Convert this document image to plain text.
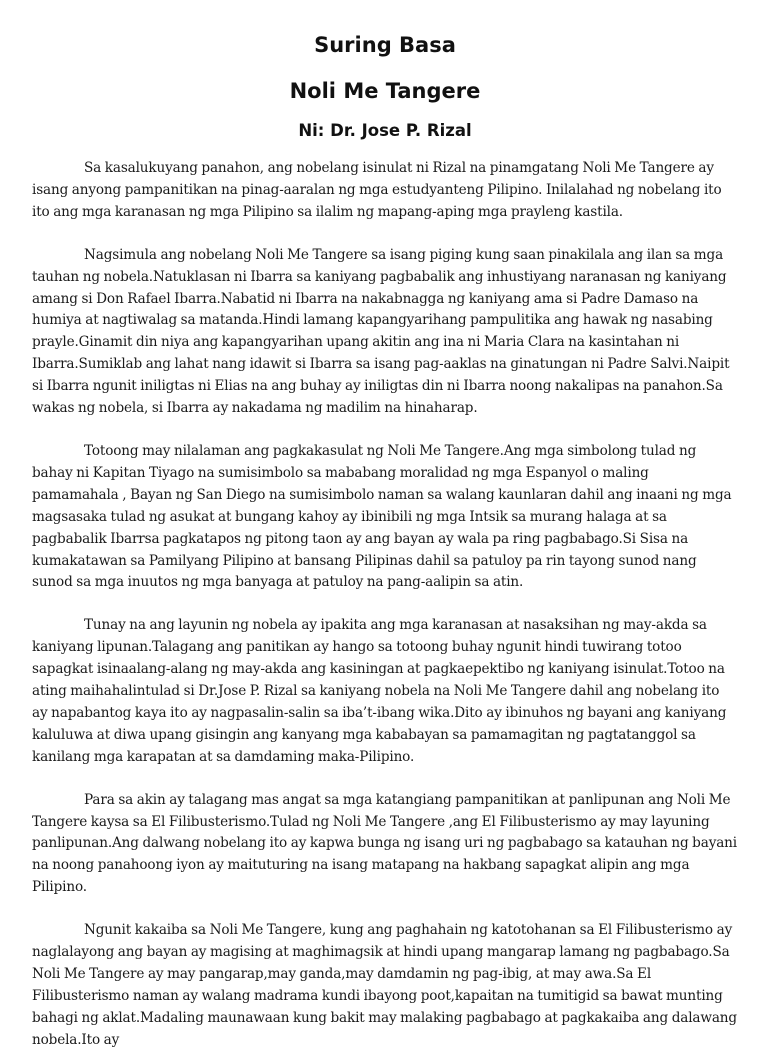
Suring Basa
Noli Me Tangere
Ni: Dr. Jose P. Rizal

Sa kasalukuyang panahon, ang nobelang isinulat ni Rizal na pinamgatang Noli Me Tangere ay isang anyong pampanitikan na pinag-aaralan ng mga estudyanteng Pilipino. Inilalahad ng nobelang ito ito ang mga karanasan ng mga Pilipino sa ilalim ng mapang-aping mga prayleng kastila.

Nagsimula ang nobelang Noli Me Tangere sa isang piging kung saan pinakilala ang ilan sa mga tauhan ng nobela.Natuklasan ni Ibarra sa kaniyang pagbabalik ang inhustiyang naranasan ng kaniyang amang si Don Rafael Ibarra.Nabatid ni Ibarra na nakabnagga ng kaniyang ama si Padre Damaso na humiya at nagtiwalag sa matanda.Hindi lamang kapangyarihang pampulitika ang hawak ng nasabing prayle.Ginamit din niya ang kapangyarihan upang akitin ang ina ni Maria Clara na kasintahan ni Ibarra.Sumiklab ang lahat nang idawit si Ibarra sa isang pag-aaklas na ginatungan ni Padre Salvi.Naipit si Ibarra ngunit iniligtas ni Elias na ang buhay ay iniligtas din ni Ibarra noong nakalipas na panahon.Sa wakas ng nobela, si Ibarra ay nakadama ng madilim na hinaharap.

Totoong may nilalaman ang pagkakasulat ng Noli Me Tangere.Ang mga simbolong tulad ng bahay ni Kapitan Tiyago na sumisimbolo sa mababang moralidad ng mga Espanyol o maling pamamahala , Bayan ng San Diego na sumisimbolo naman sa walang kaunlaran dahil ang inaani ng mga magsasaka tulad ng asukat at bungang kahoy ay ibinibili ng mga Intsik sa murang halaga at sa pagbabalik Ibarrsa pagkatapos ng pitong taon ay ang bayan ay wala pa ring pagbabago.Si Sisa na kumakatawan sa Pamilyang Pilipino at bansang Pilipinas dahil sa patuloy pa rin tayong sunod nang sunod sa mga inuutos ng mga banyaga at patuloy na pang-aalipin sa atin.

Tunay na ang layunin ng nobela ay ipakita ang mga karanasan at nasaksihan ng may-akda sa kaniyang lipunan.Talagang ang panitikan ay hango sa totoong buhay ngunit hindi tuwirang totoo sapagkat isinaalang-alang ng may-akda ang kasiningan at pagkaepektibo ng kaniyang isinulat.Totoo na ating maihahalintulad si Dr.Jose P. Rizal sa kaniyang nobela na Noli Me Tangere dahil ang nobelang ito ay napabantog kaya ito ay nagpasalin-salin sa iba’t-ibang wika.Dito ay ibinuhos ng bayani ang kaniyang kaluluwa at diwa upang gisingin ang kanyang mga kababayan sa pamamagitan ng pagtatanggol sa kanilang mga karapatan at sa damdaming maka-Pilipino.

Para sa akin ay talagang mas angat sa mga katangiang pampanitikan at panlipunan ang Noli Me Tangere kaysa sa El Filibusterismo.Tulad ng Noli Me Tangere ,ang El Filibusterismo ay may layuning panlipunan.Ang dalwang nobelang ito ay kapwa bunga ng isang uri ng pagbabago sa katauhan ng bayani na noong panahoong iyon ay maituturing na isang matapang na hakbang sapagkat alipin ang mga Pilipino.

Ngunit kakaiba sa Noli Me Tangere, kung ang paghahain ng katotohanan sa El Filibusterismo ay naglalayong ang bayan ay magising at maghimagsik at hindi upang mangarap lamang ng pagbabago.Sa Noli Me Tangere ay may pangarap,may ganda,may damdamin ng pag-ibig, at may awa.Sa El Filibusterismo naman ay walang madrama kundi ibayong poot,kapaitan na tumitigid sa bawat munting bahagi ng aklat.Madaling maunawaan kung bakit may malaking pagbabago at pagkakaiba ang dalawang nobela.Ito ay
